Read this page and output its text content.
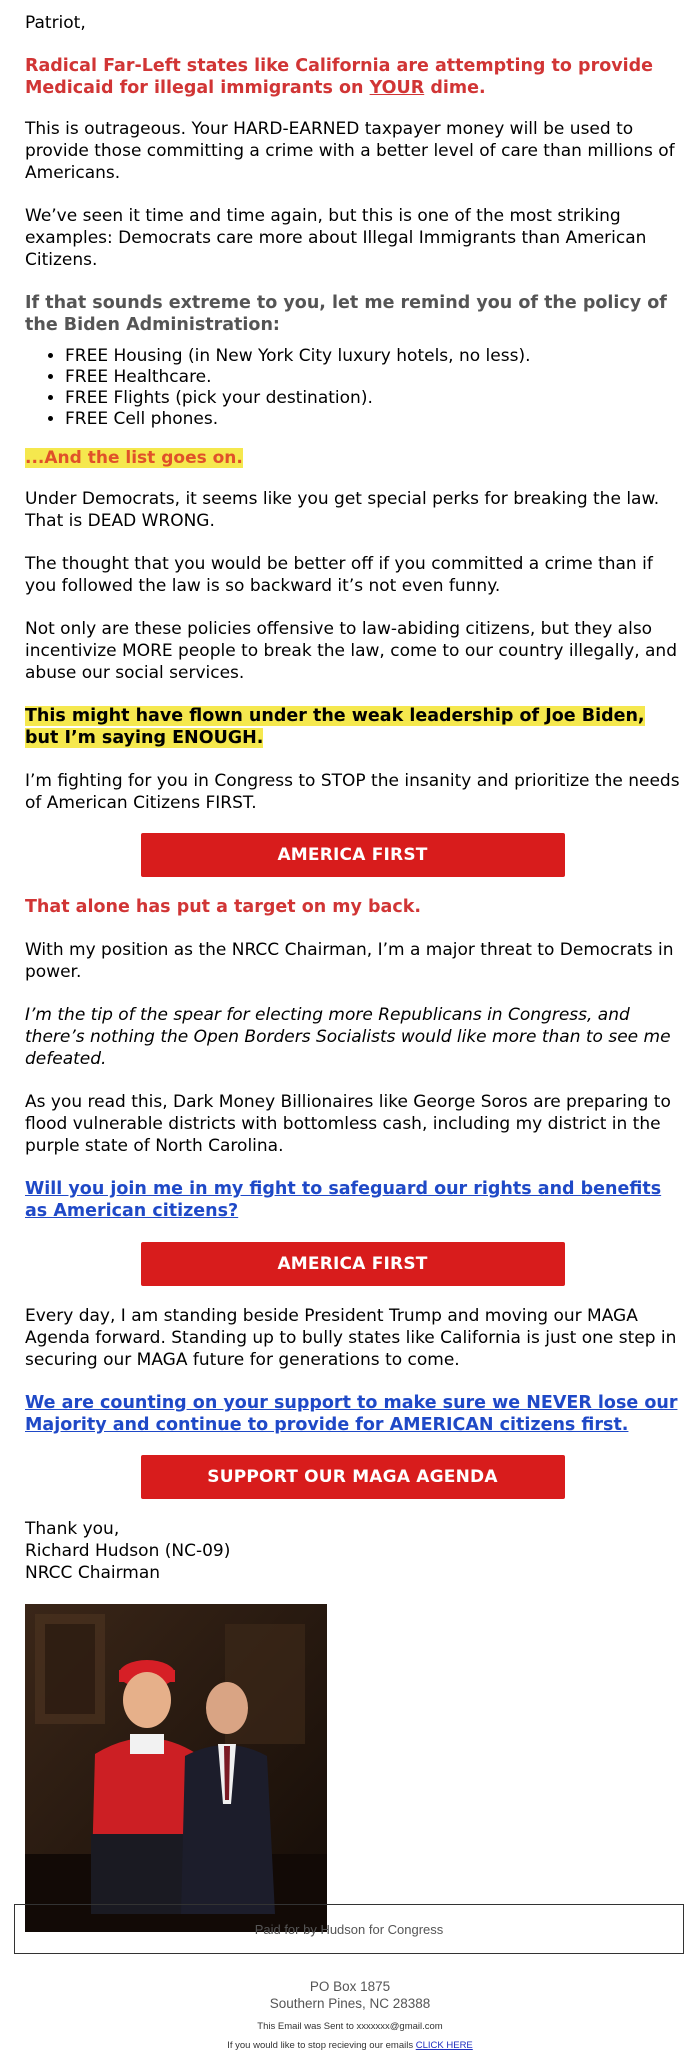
Patriot,

Radical Far-Left states like California are attempting to provide Medicaid for illegal immigrants on YOUR dime.

This is outrageous. Your HARD-EARNED taxpayer money will be used to provide those committing a crime with a better level of care than millions of Americans.

We’ve seen it time and time again, but this is one of the most striking examples: Democrats care more about Illegal Immigrants than American Citizens.

If that sounds extreme to you, let me remind you of the policy of the Biden Administration:

• FREE Housing (in New York City luxury hotels, no less).
• FREE Healthcare.
• FREE Flights (pick your destination).
• FREE Cell phones.

...And the list goes on.

Under Democrats, it seems like you get special perks for breaking the law. That is DEAD WRONG.

The thought that you would be better off if you committed a crime than if you followed the law is so backward it’s not even funny.

Not only are these policies offensive to law-abiding citizens, but they also incentivize MORE people to break the law, come to our country illegally, and abuse our social services.

This might have flown under the weak leadership of Joe Biden, but I’m saying ENOUGH.

I’m fighting for you in Congress to STOP the insanity and prioritize the needs of American Citizens FIRST.

AMERICA FIRST

That alone has put a target on my back.

With my position as the NRCC Chairman, I’m a major threat to Democrats in power.

I’m the tip of the spear for electing more Republicans in Congress, and there’s nothing the Open Borders Socialists would like more than to see me defeated.

As you read this, Dark Money Billionaires like George Soros are preparing to flood vulnerable districts with bottomless cash, including my district in the purple state of North Carolina.

Will you join me in my fight to safeguard our rights and benefits as American citizens?

AMERICA FIRST

Every day, I am standing beside President Trump and moving our MAGA Agenda forward. Standing up to bully states like California is just one step in securing our MAGA future for generations to come.

We are counting on your support to make sure we NEVER lose our Majority and continue to provide for AMERICAN citizens first.

SUPPORT OUR MAGA AGENDA

Thank you,

Richard Hudson (NC-09)

NRCC Chairman

Paid for by Hudson for Congress
PO Box 1875
Southern Pines, NC 28388
This Email was Sent to xxxxxxx@gmail.com
If you would like to stop recieving our emails CLICK HERE
